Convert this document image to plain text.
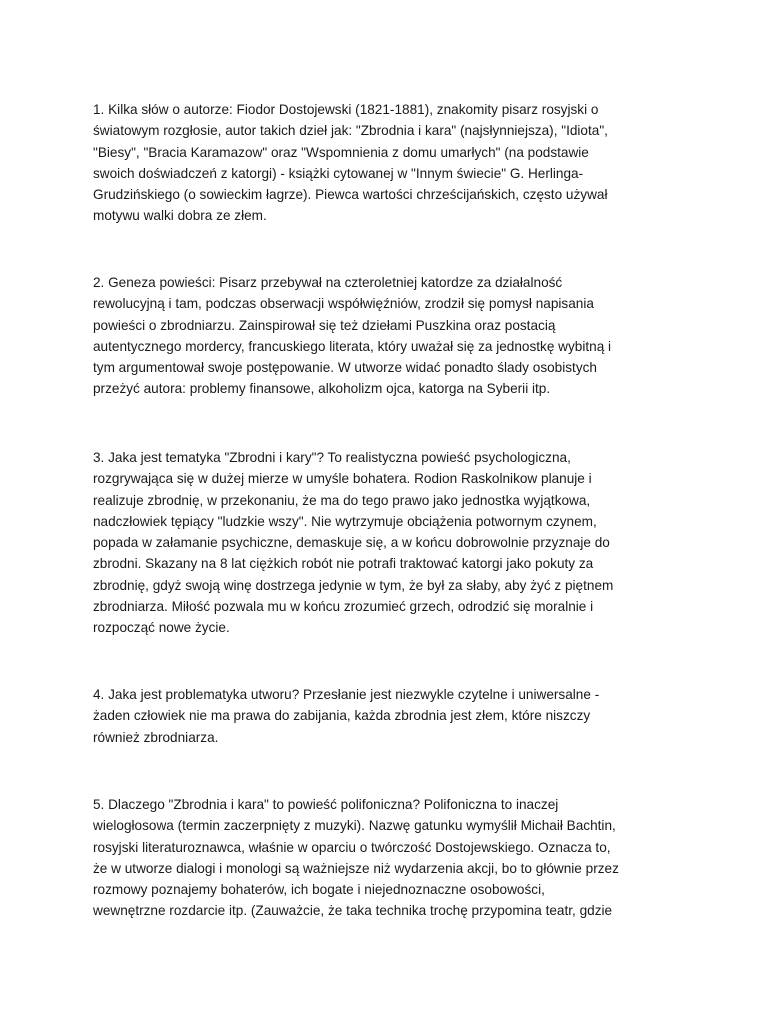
1. Kilka słów o autorze: Fiodor Dostojewski (1821-1881), znakomity pisarz rosyjski o
światowym rozgłosie, autor takich dzieł jak: "Zbrodnia i kara" (najsłynniejsza), "Idiota",
"Biesy", "Bracia Karamazow" oraz "Wspomnienia z domu umarłych" (na podstawie
swoich doświadczeń z katorgi) - książki cytowanej w "Innym świecie" G. Herlinga-
Grudzińskiego (o sowieckim łagrze). Piewca wartości chrześcijańskich, często używał
motywu walki dobra ze złem.

2. Geneza powieści: Pisarz przebywał na czteroletniej katordze za działalność
rewolucyjną i tam, podczas obserwacji współwięźniów, zrodził się pomysł napisania
powieści o zbrodniarzu. Zainspirował się też dziełami Puszkina oraz postacią
autentycznego mordercy, francuskiego literata, który uważał się za jednostkę wybitną i
tym argumentował swoje postępowanie. W utworze widać ponadto ślady osobistych
przeżyć autora: problemy finansowe, alkoholizm ojca, katorga na Syberii itp.

3. Jaka jest tematyka "Zbrodni i kary"? To realistyczna powieść psychologiczna,
rozgrywająca się w dużej mierze w umyśle bohatera. Rodion Raskolnikow planuje i
realizuje zbrodnię, w przekonaniu, że ma do tego prawo jako jednostka wyjątkowa,
nadczłowiek tępiący "ludzkie wszy". Nie wytrzymuje obciążenia potwornym czynem,
popada w załamanie psychiczne, demaskuje się, a w końcu dobrowolnie przyznaje do
zbrodni. Skazany na 8 lat ciężkich robót nie potrafi traktować katorgi jako pokuty za
zbrodnię, gdyż swoją winę dostrzega jedynie w tym, że był za słaby, aby żyć z piętnem
zbrodniarza. Miłość pozwala mu w końcu zrozumieć grzech, odrodzić się moralnie i
rozpocząć nowe życie.

4. Jaka jest problematyka utworu? Przesłanie jest niezwykle czytelne i uniwersalne -
żaden człowiek nie ma prawa do zabijania, każda zbrodnia jest złem, które niszczy
również zbrodniarza.

5. Dlaczego "Zbrodnia i kara" to powieść polifoniczna? Polifoniczna to inaczej
wielogłosowa (termin zaczerpnięty z muzyki). Nazwę gatunku wymyślił Michaił Bachtin,
rosyjski literaturoznawca, właśnie w oparciu o twórczość Dostojewskiego. Oznacza to,
że w utworze dialogi i monologi są ważniejsze niż wydarzenia akcji, bo to głównie przez
rozmowy poznajemy bohaterów, ich bogate i niejednoznaczne osobowości,
wewnętrzne rozdarcie itp. (Zauważcie, że taka technika trochę przypomina teatr, gdzie
